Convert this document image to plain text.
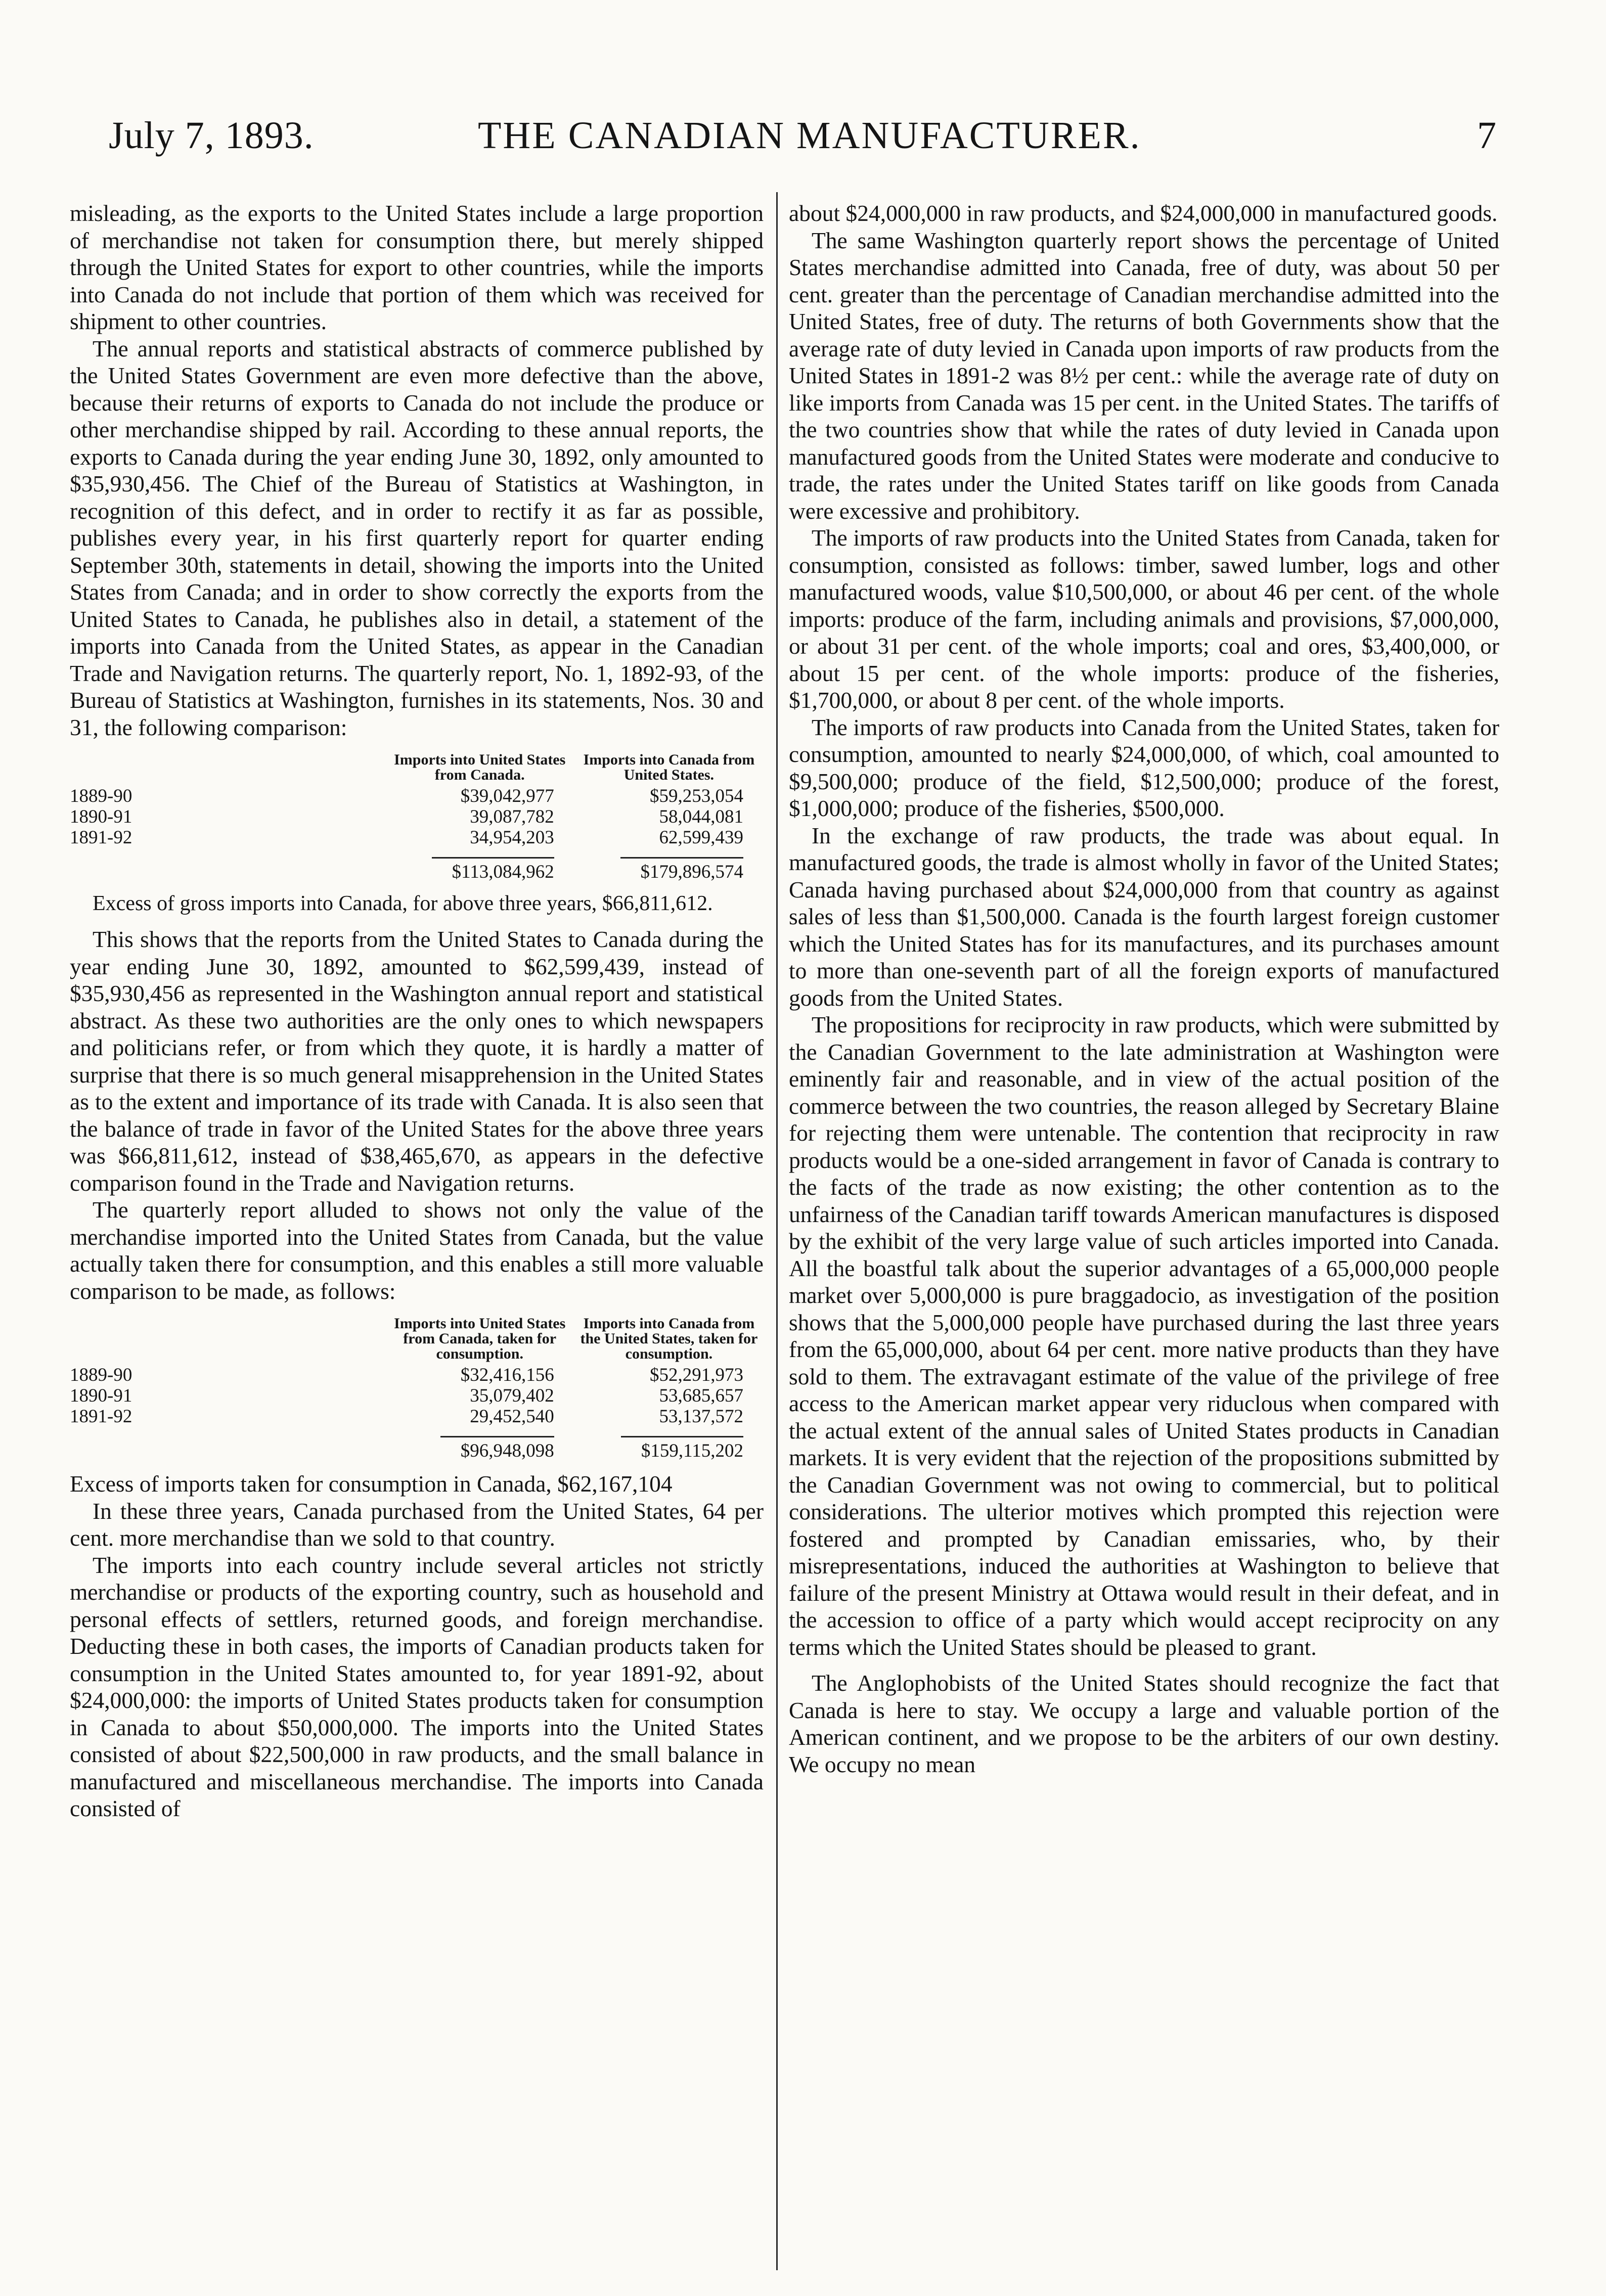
July 7, 1893.	THE CANADIAN MANUFACTURER.	7

misleading, as the exports to the United States include a large proportion of merchandise not taken for consumption there, but merely shipped through the United States for export to other countries, while the imports into Canada do not include that portion of them which was received for shipment to other countries.

The annual reports and statistical abstracts of commerce published by the United States Government are even more defective than the above, because their returns of exports to Canada do not include the produce or other merchandise shipped by rail. According to these annual reports, the exports to Canada during the year ending June 30, 1892, only amounted to $35,930,456. The Chief of the Bureau of Statistics at Washington, in recognition of this defect, and in order to rectify it as far as possible, publishes every year, in his first quarterly report for quarter ending September 30th, statements in detail, showing the imports into the United States from Canada; and in order to show correctly the exports from the United States to Canada, he publishes also in detail, a statement of the imports into Canada from the United States, as appear in the Canadian Trade and Navigation returns. The quarterly report, No. 1, 1892-93, of the Bureau of Statistics at Washington, furnishes in its statements, Nos. 30 and 31, the following comparison:

	Imports into United States from Canada.	Imports into Canada from United States.
1889-90	$39,042,977	$59,253,054
1890-91	39,087,782	58,044,081
1891-92	34,954,203	62,599,439
	$113,084,962	$179,896,574

Excess of gross imports into Canada, for above three years, $66,811,612.

This shows that the reports from the United States to Canada during the year ending June 30, 1892, amounted to $62,599,439, instead of $35,930,456 as represented in the Washington annual report and statistical abstract. As these two authorities are the only ones to which newspapers and politicians refer, or from which they quote, it is hardly a matter of surprise that there is so much general misapprehension in the United States as to the extent and importance of its trade with Canada. It is also seen that the balance of trade in favor of the United States for the above three years was $66,811,612, instead of $38,465,670, as appears in the defective comparison found in the Trade and Navigation returns.

The quarterly report alluded to shows not only the value of the merchandise imported into the United States from Canada, but the value actually taken there for consumption, and this enables a still more valuable comparison to be made, as follows:

	Imports into United States from Canada, taken for consumption.	Imports into Canada from the United States, taken for consumption.
1889-90	$32,416,156	$52,291,973
1890-91	35,079,402	53,685,657
1891-92	29,452,540	53,137,572
	$96,948,098	$159,115,202

Excess of imports taken for consumption in Canada, $62,167,104

In these three years, Canada purchased from the United States, 64 per cent. more merchandise than we sold to that country.

The imports into each country include several articles not strictly merchandise or products of the exporting country, such as household and personal effects of settlers, returned goods, and foreign merchandise. Deducting these in both cases, the imports of Canadian products taken for consumption in the United States amounted to, for year 1891-92, about $24,000,000: the imports of United States products taken for consumption in Canada to about $50,000,000. The imports into the United States consisted of about $22,500,000 in raw products, and the small balance in manufactured and miscellaneous merchandise. The imports into Canada consisted of

about $24,000,000 in raw products, and $24,000,000 in manufactured goods.

The same Washington quarterly report shows the percentage of United States merchandise admitted into Canada, free of duty, was about 50 per cent. greater than the percentage of Canadian merchandise admitted into the United States, free of duty. The returns of both Governments show that the average rate of duty levied in Canada upon imports of raw products from the United States in 1891-2 was 8½ per cent.: while the average rate of duty on like imports from Canada was 15 per cent. in the United States. The tariffs of the two countries show that while the rates of duty levied in Canada upon manufactured goods from the United States were moderate and conducive to trade, the rates under the United States tariff on like goods from Canada were excessive and prohibitory.

The imports of raw products into the United States from Canada, taken for consumption, consisted as follows: timber, sawed lumber, logs and other manufactured woods, value $10,500,000, or about 46 per cent. of the whole imports: produce of the farm, including animals and provisions, $7,000,000, or about 31 per cent. of the whole imports; coal and ores, $3,400,000, or about 15 per cent. of the whole imports: produce of the fisheries, $1,700,000, or about 8 per cent. of the whole imports.

The imports of raw products into Canada from the United States, taken for consumption, amounted to nearly $24,000,000, of which, coal amounted to $9,500,000; produce of the field, $12,500,000; produce of the forest, $1,000,000; produce of the fisheries, $500,000.

In the exchange of raw products, the trade was about equal. In manufactured goods, the trade is almost wholly in favor of the United States; Canada having purchased about $24,000,000 from that country as against sales of less than $1,500,000. Canada is the fourth largest foreign customer which the United States has for its manufactures, and its purchases amount to more than one-seventh part of all the foreign exports of manufactured goods from the United States.

The propositions for reciprocity in raw products, which were submitted by the Canadian Government to the late administration at Washington were eminently fair and reasonable, and in view of the actual position of the commerce between the two countries, the reason alleged by Secretary Blaine for rejecting them were untenable. The contention that reciprocity in raw products would be a one-sided arrangement in favor of Canada is contrary to the facts of the trade as now existing; the other contention as to the unfairness of the Canadian tariff towards American manufactures is disposed by the exhibit of the very large value of such articles imported into Canada. All the boastful talk about the superior advantages of a 65,000,000 people market over 5,000,000 is pure braggadocio, as investigation of the position shows that the 5,000,000 people have purchased during the last three years from the 65,000,000, about 64 per cent. more native products than they have sold to them. The extravagant estimate of the value of the privilege of free access to the American market appear very riduclous when compared with the actual extent of the annual sales of United States products in Canadian markets. It is very evident that the rejection of the propositions submitted by the Canadian Government was not owing to commercial, but to political considerations. The ulterior motives which prompted this rejection were fostered and prompted by Canadian emissaries, who, by their misrepresentations, induced the authorities at Washington to believe that failure of the present Ministry at Ottawa would result in their defeat, and in the accession to office of a party which would accept reciprocity on any terms which the United States should be pleased to grant.

The Anglophobists of the United States should recognize the fact that Canada is here to stay. We occupy a large and valuable portion of the American continent, and we propose to be the arbiters of our own destiny. We occupy no mean
